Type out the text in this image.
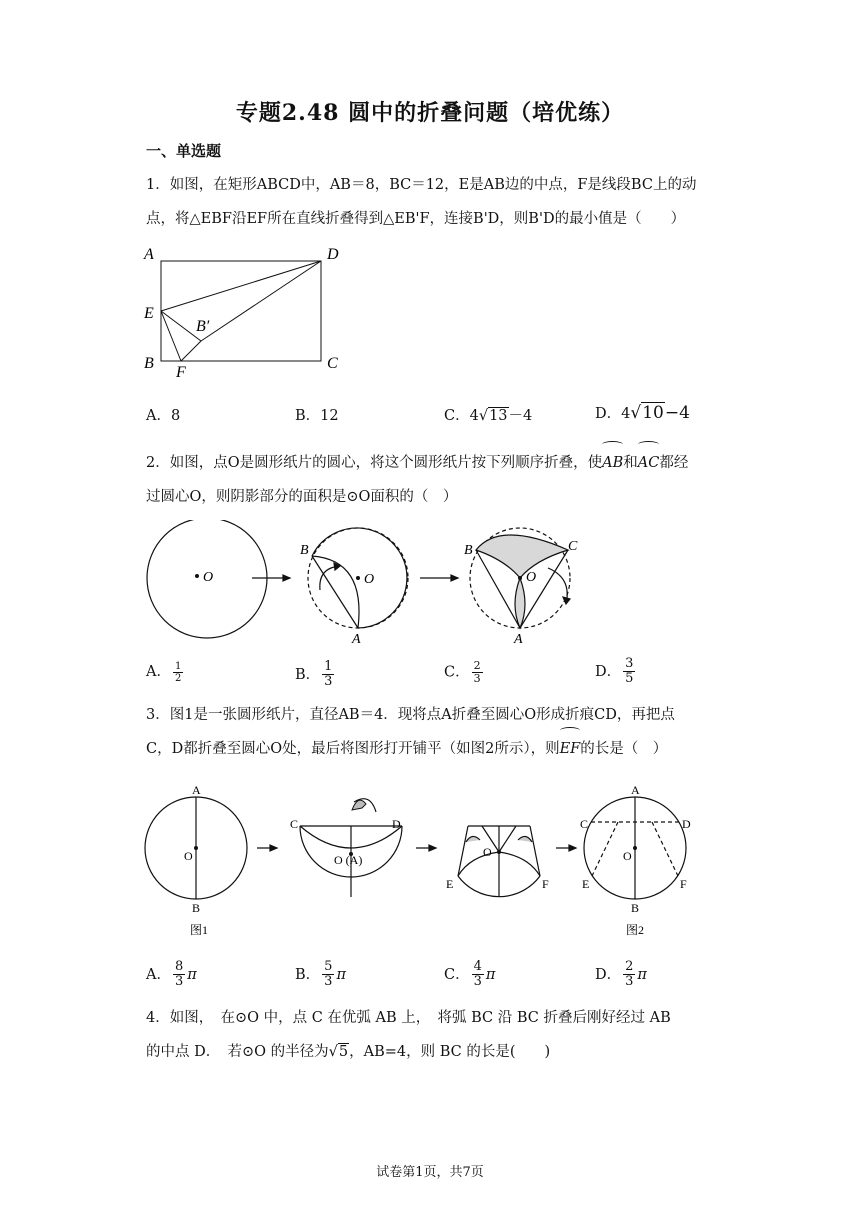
专题2.48 圆中的折叠问题（培优练）
一、单选题
1．如图，在矩形ABCD中，AB＝8，BC＝12，E是AB边的中点，F是线段BC上的动
点，将△EBF沿EF所在直线折叠得到△EB'F，连接B'D，则B'D的最小值是（　　）
A	D
E
B′
B
F
C
A．8	B．12	C．4√13－4	D．4√10−4
2．如图，点O是圆形纸片的圆心，将这个圆形纸片按下列顺序折叠，使AB和AC都经
过圆心O，则阴影部分的面积是⊙O面积的（　）
O	O
B
A
O
B	C
A
A． $\frac{1}{2}$	B． $\frac{1}{3}$	C． $\frac{2}{3}$	D． $\frac{3}{5}$
3．图1是一张圆形纸片，直径AB＝4．现将点A折叠至圆心O形成折痕CD，再把点
C，D都折叠至圆心O处，最后将图形打开铺平（如图2所示），则EF的长是（　）
A
O
B
图1
C	D
O (A)
O
E	F
A
C	D
O
E	F
B
图2
A． $\frac{8}{3}$ π	B． $\frac{5}{3}$ π	C． $\frac{4}{3}$ π	D． $\frac{2}{3}$ π
4．如图，　在⊙O 中，点 C 在优弧 AB 上，　将弧 BC 沿 BC 折叠后刚好经过 AB
的中点 D．　若⊙O 的半径为√5，AB=4，则 BC 的长是(　　)
试卷第1页，共7页
